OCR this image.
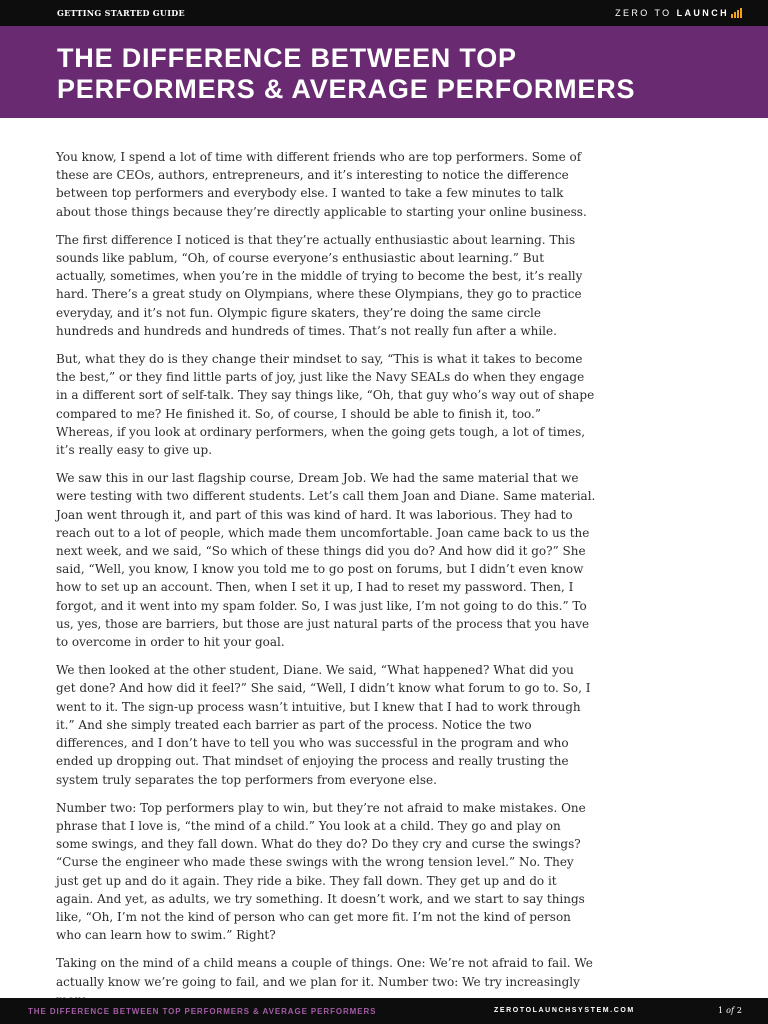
GETTING STARTED GUIDE	ZERO TO LAUNCH
THE DIFFERENCE BETWEEN TOP
PERFORMERS & AVERAGE PERFORMERS

You know, I spend a lot of time with different friends who are top performers. Some of these are CEOs, authors, entrepreneurs, and it’s interesting to notice the difference between top performers and everybody else. I wanted to take a few minutes to talk about those things because they’re directly applicable to starting your online business.

The first difference I noticed is that they’re actually enthusiastic about learning. This sounds like pablum, “Oh, of course everyone’s enthusiastic about learning.” But actually, sometimes, when you’re in the middle of trying to become the best, it’s really hard. There’s a great study on Olympians, where these Olympians, they go to practice everyday, and it’s not fun. Olympic figure skaters, they’re doing the same circle hundreds and hundreds and hundreds of times. That’s not really fun after a while.

But, what they do is they change their mindset to say, “This is what it takes to become the best,” or they find little parts of joy, just like the Navy SEALs do when they engage in a different sort of self-talk. They say things like, “Oh, that guy who’s way out of shape compared to me? He finished it. So, of course, I should be able to finish it, too.” Whereas, if you look at ordinary performers, when the going gets tough, a lot of times, it’s really easy to give up.

We saw this in our last flagship course, Dream Job. We had the same material that we were testing with two different students. Let’s call them Joan and Diane. Same material. Joan went through it, and part of this was kind of hard. It was laborious. They had to reach out to a lot of people, which made them uncomfortable. Joan came back to us the next week, and we said, “So which of these things did you do? And how did it go?” She said, “Well, you know, I know you told me to go post on forums, but I didn’t even know how to set up an account. Then, when I set it up, I had to reset my password. Then, I forgot, and it went into my spam folder. So, I was just like, I’m not going to do this.” To us, yes, those are barriers, but those are just natural parts of the process that you have to overcome in order to hit your goal.

We then looked at the other student, Diane. We said, “What happened? What did you get done? And how did it feel?” She said, “Well, I didn’t know what forum to go to. So, I went to it. The sign-up process wasn’t intuitive, but I knew that I had to work through it.” And she simply treated each barrier as part of the process. Notice the two differences, and I don’t have to tell you who was successful in the program and who ended up dropping out. That mindset of enjoying the process and really trusting the system truly separates the top performers from everyone else.

Number two: Top performers play to win, but they’re not afraid to make mistakes. One phrase that I love is, “the mind of a child.” You look at a child. They go and play on some swings, and they fall down. What do they do? Do they cry and curse the swings? “Curse the engineer who made these swings with the wrong tension level.” No. They just get up and do it again. They ride a bike. They fall down. They get up and do it again. And yet, as adults, we try something. It doesn’t work, and we start to say things like, “Oh, I’m not the kind of person who can get more fit. I’m not the kind of person who can learn how to swim.” Right?

Taking on the mind of a child means a couple of things. One: We’re not afraid to fail. We actually know we’re going to fail, and we plan for it. Number two: We try increasingly

THE DIFFERENCE BETWEEN TOP PERFORMERS & AVERAGE PERFORMERS	ZEROTOLAUNCHSYSTEM.COM	1 of 2
